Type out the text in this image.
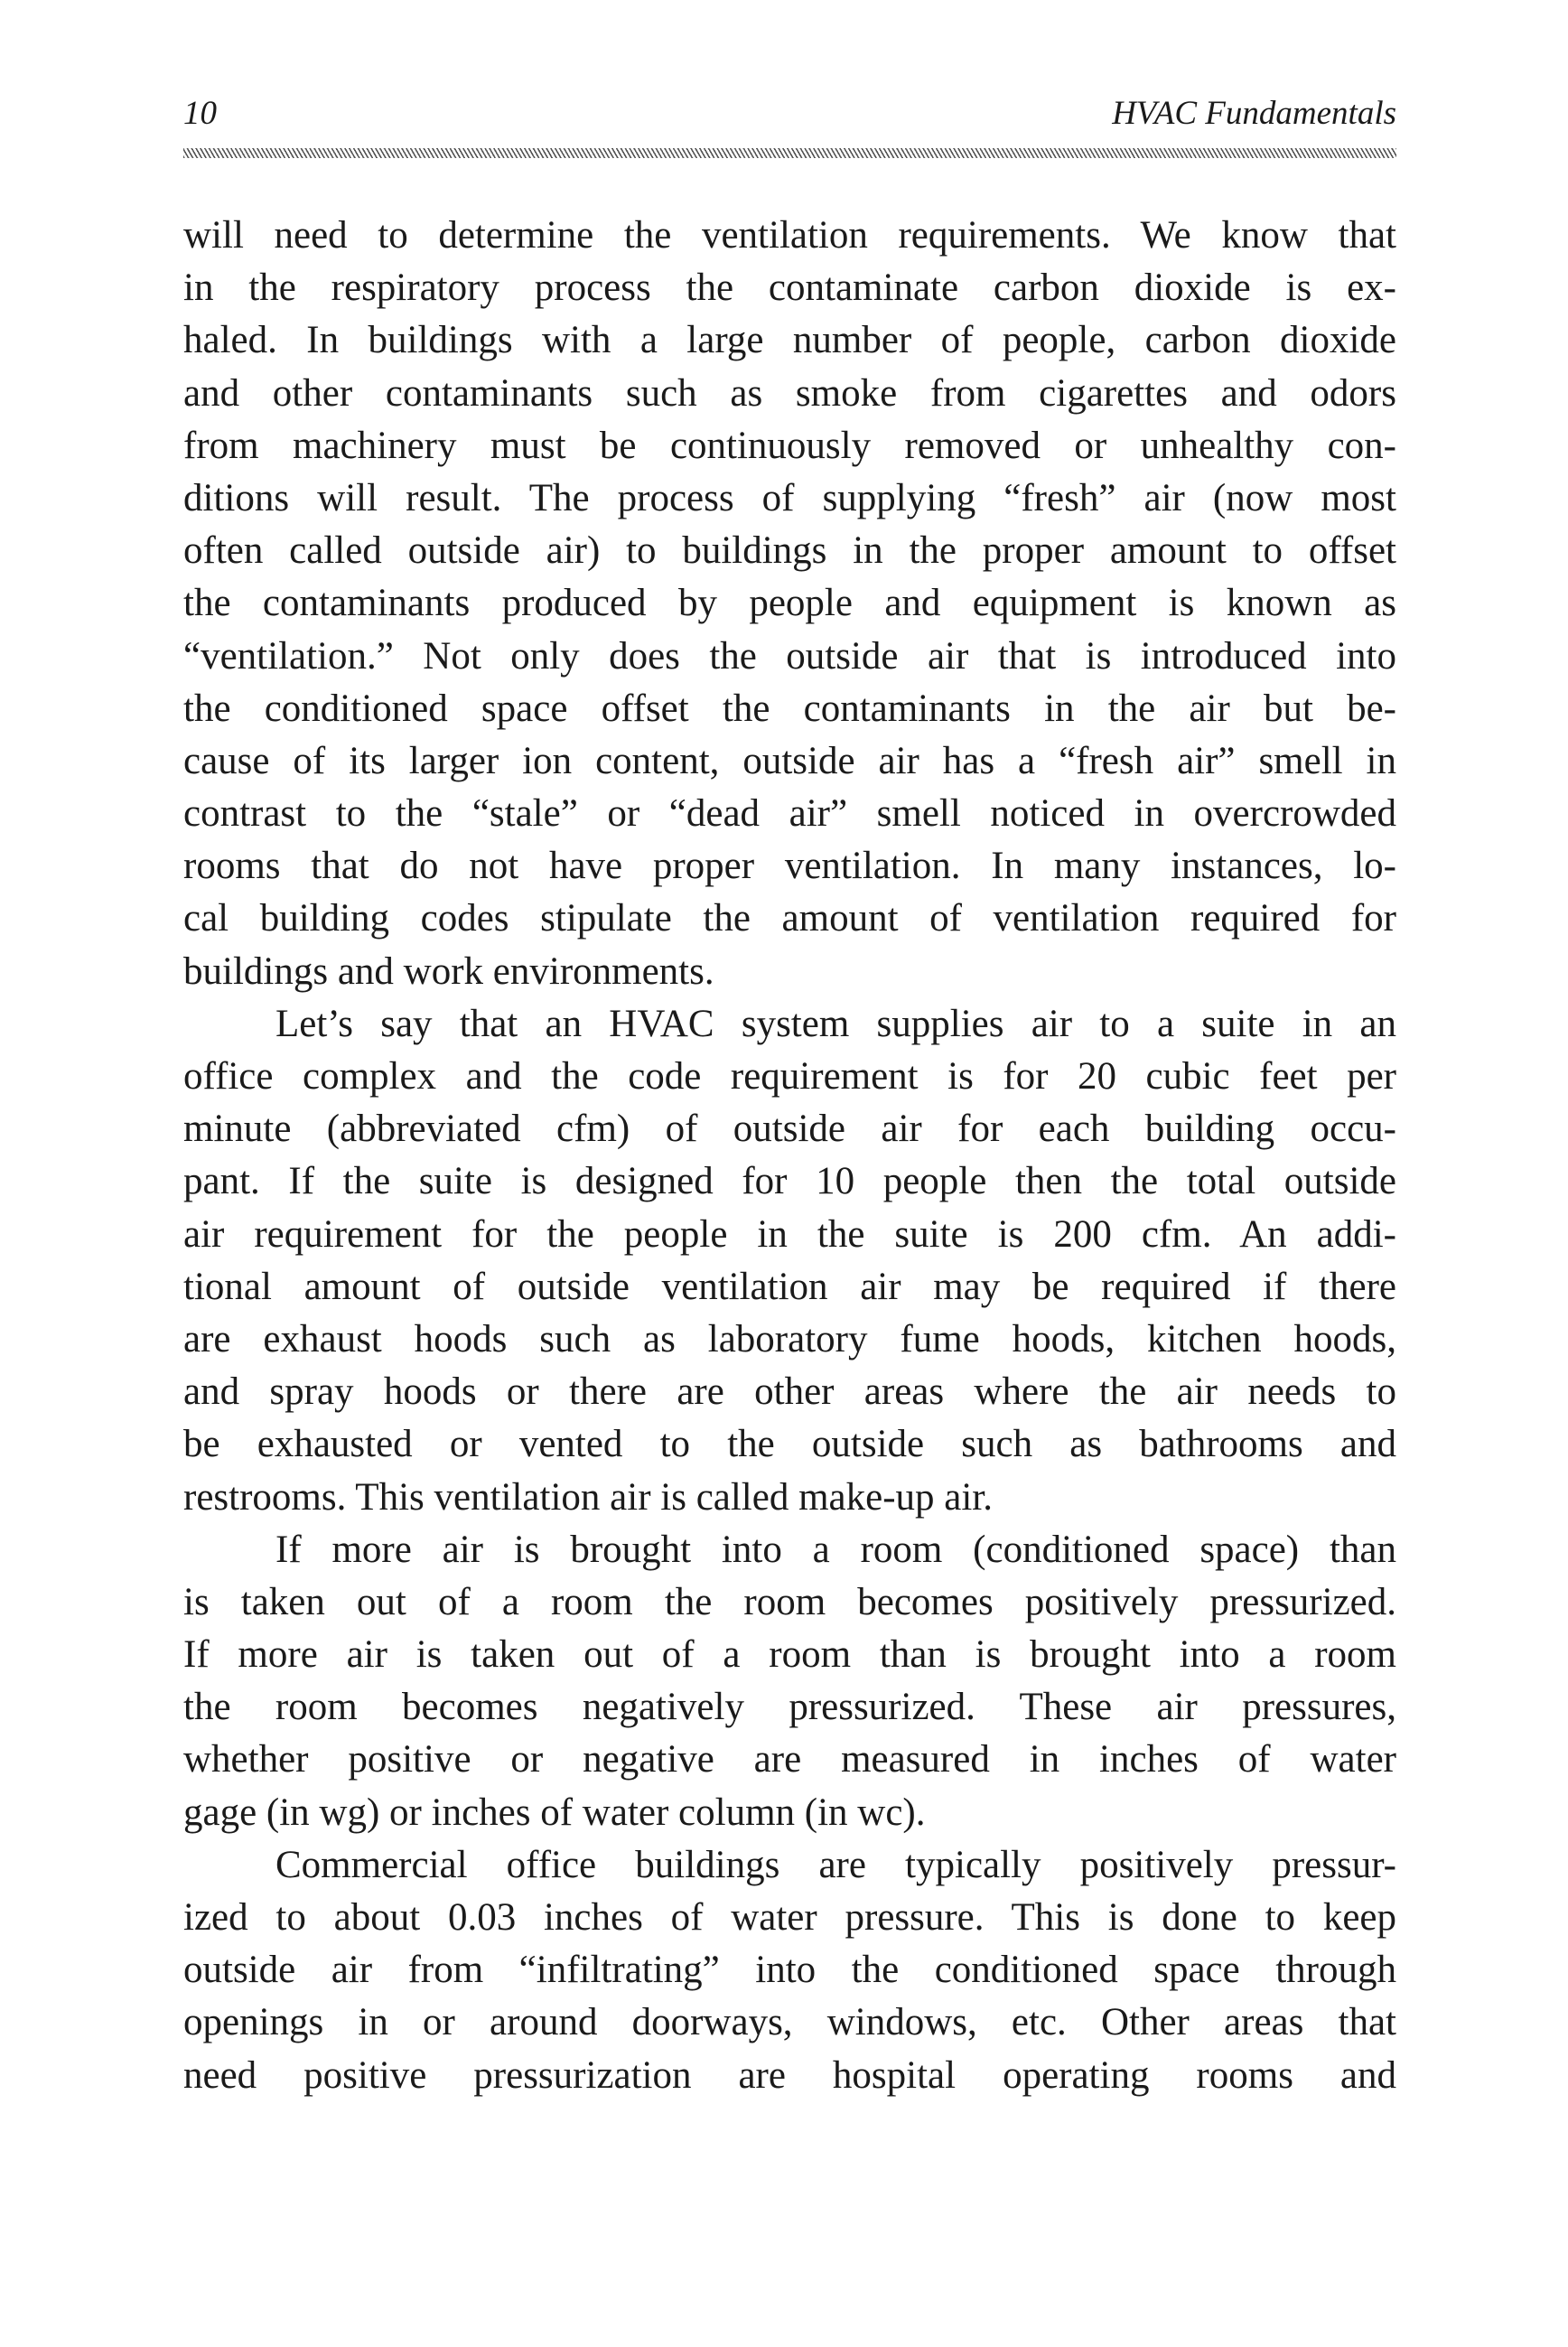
10	HVAC Fundamentals
will need to determine the ventilation requirements. We know that
in the respiratory process the contaminate carbon dioxide is ex-
haled. In buildings with a large number of people, carbon dioxide
and other contaminants such as smoke from cigarettes and odors
from machinery must be continuously removed or unhealthy con-
ditions will result. The process of supplying “fresh” air (now most
often called outside air) to buildings in the proper amount to offset
the contaminants produced by people and equipment is known as
“ventilation.” Not only does the outside air that is introduced into
the conditioned space offset the contaminants in the air but be-
cause of its larger ion content, outside air has a “fresh air” smell in
contrast to the “stale” or “dead air” smell noticed in overcrowded
rooms that do not have proper ventilation. In many instances, lo-
cal building codes stipulate the amount of ventilation required for
buildings and work environments.
Let’s say that an HVAC system supplies air to a suite in an
office complex and the code requirement is for 20 cubic feet per
minute (abbreviated cfm) of outside air for each building occu-
pant. If the suite is designed for 10 people then the total outside
air requirement for the people in the suite is 200 cfm. An addi-
tional amount of outside ventilation air may be required if there
are exhaust hoods such as laboratory fume hoods, kitchen hoods,
and spray hoods or there are other areas where the air needs to
be exhausted or vented to the outside such as bathrooms and
restrooms. This ventilation air is called make-up air.
If more air is brought into a room (conditioned space) than
is taken out of a room the room becomes positively pressurized.
If more air is taken out of a room than is brought into a room
the room becomes negatively pressurized. These air pressures,
whether positive or negative are measured in inches of water
gage (in wg) or inches of water column (in wc).
Commercial office buildings are typically positively pressur-
ized to about 0.03 inches of water pressure. This is done to keep
outside air from “infiltrating” into the conditioned space through
openings in or around doorways, windows, etc. Other areas that
need positive pressurization are hospital operating rooms and
